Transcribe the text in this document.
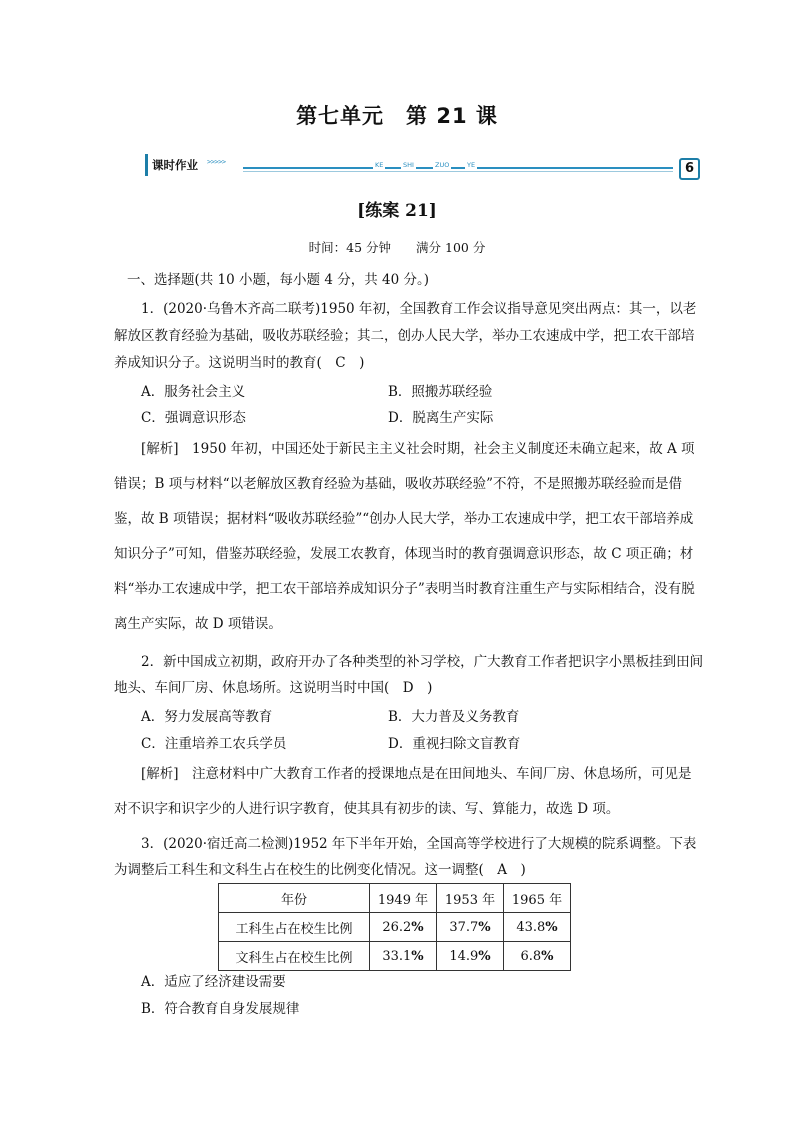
第七单元　第 21 课
课时作业	>>>>>	KE	SHI	ZUO	YE	6
[练案 21]
时间：45 分钟　　满分 100 分
一、选择题(共 10 小题，每小题 4 分，共 40 分。)
1．(2020·乌鲁木齐高二联考)1950 年初，全国教育工作会议指导意见突出两点：其一，以老解放区教育经验为基础，吸收苏联经验；其二，创办人民大学，举办工农速成中学，把工农干部培养成知识分子。这说明当时的教育(　C　)
A．服务社会主义	B．照搬苏联经验
C．强调意识形态	D．脱离生产实际
[解析]　 1950 年初，中国还处于新民主主义社会时期，社会主义制度还未确立起来，故 A 项错误；B 项与材料“以老解放区教育经验为基础，吸收苏联经验”不符，不是照搬苏联经验而是借鉴，故 B 项错误；据材料“吸收苏联经验”“创办人民大学，举办工农速成中学，把工农干部培养成知识分子”可知，借鉴苏联经验，发展工农教育，体现当时的教育强调意识形态，故 C 项正确；材料“举办工农速成中学，把工农干部培养成知识分子”表明当时教育注重生产与实际相结合，没有脱离生产实际，故 D 项错误。
2．新中国成立初期，政府开办了各种类型的补习学校，广大教育工作者把识字小黑板挂到田间地头、车间厂房、休息场所。这说明当时中国(　D　)
A．努力发展高等教育	B．大力普及义务教育
C．注重培养工农兵学员	D．重视扫除文盲教育
[解析]　 注意材料中广大教育工作者的授课地点是在田间地头、车间厂房、休息场所，可见是对不识字和识字少的人进行识字教育，使其具有初步的读、写、算能力，故选 D 项。
3．(2020·宿迁高二检测)1952 年下半年开始，全国高等学校进行了大规模的院系调整。下表为调整后工科生和文科生占在校生的比例变化情况。这一调整(　A　)
年份	1949 年	1953 年	1965 年
工科生占在校生比例	26.2%	37.7%	43.8%
文科生占在校生比例	33.1%	14.9%	6.8%
A．适应了经济建设需要
B．符合教育自身发展规律
